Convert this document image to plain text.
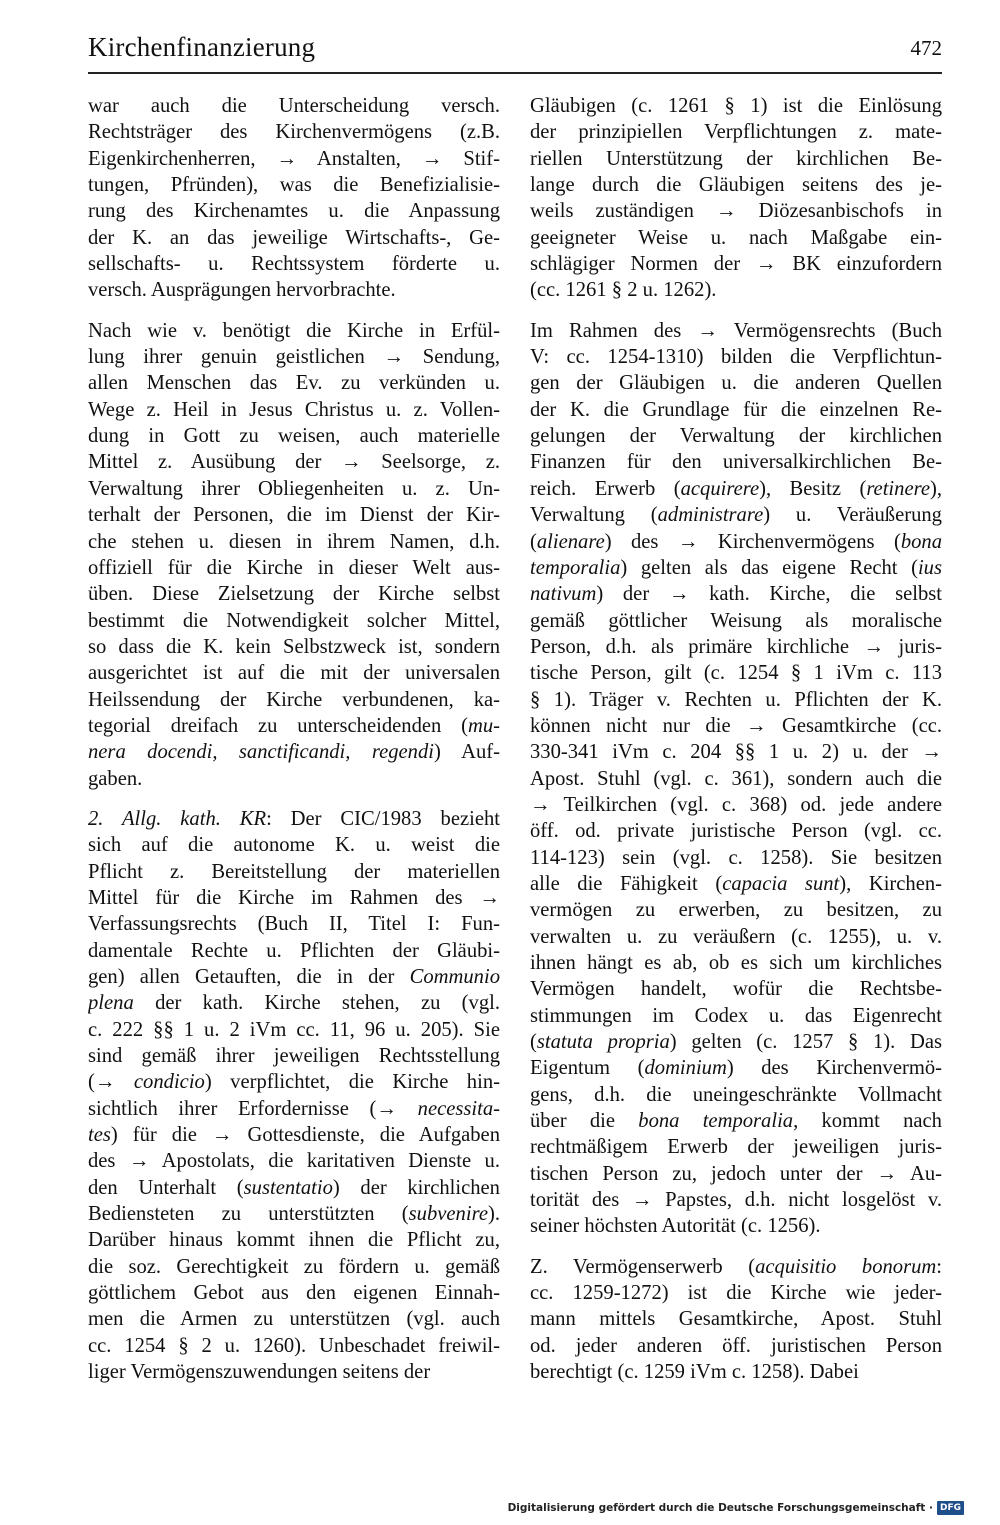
Kirchenfinanzierung	472
war auch die Unterscheidung versch.
Rechtsträger des Kirchenvermögens (z.B.
Eigenkirchenherren, → Anstalten, → Stif-
tungen, Pfründen), was die Benefizialisie-
rung des Kirchenamtes u. die Anpassung
der K. an das jeweilige Wirtschafts-, Ge-
sellschafts- u. Rechtssystem förderte u.
versch. Ausprägungen hervorbrachte.
Nach wie v. benötigt die Kirche in Erfül-
lung ihrer genuin geistlichen → Sendung,
allen Menschen das Ev. zu verkünden u.
Wege z. Heil in Jesus Christus u. z. Vollen-
dung in Gott zu weisen, auch materielle
Mittel z. Ausübung der → Seelsorge, z.
Verwaltung ihrer Obliegenheiten u. z. Un-
terhalt der Personen, die im Dienst der Kir-
che stehen u. diesen in ihrem Namen, d.h.
offiziell für die Kirche in dieser Welt aus-
üben. Diese Zielsetzung der Kirche selbst
bestimmt die Notwendigkeit solcher Mittel,
so dass die K. kein Selbstzweck ist, sondern
ausgerichtet ist auf die mit der universalen
Heilssendung der Kirche verbundenen, ka-
tegorial dreifach zu unterscheidenden (mu-
nera docendi, sanctificandi, regendi) Auf-
gaben.
2. Allg. kath. KR: Der CIC/1983 bezieht
sich auf die autonome K. u. weist die
Pflicht z. Bereitstellung der materiellen
Mittel für die Kirche im Rahmen des →
Verfassungsrechts (Buch II, Titel I: Fun-
damentale Rechte u. Pflichten der Gläubi-
gen) allen Getauften, die in der Communio
plena der kath. Kirche stehen, zu (vgl.
c. 222 §§ 1 u. 2 iVm cc. 11, 96 u. 205). Sie
sind gemäß ihrer jeweiligen Rechtsstellung
(→ condicio) verpflichtet, die Kirche hin-
sichtlich ihrer Erfordernisse (→ necessita-
tes) für die → Gottesdienste, die Aufgaben
des → Apostolats, die karitativen Dienste u.
den Unterhalt (sustentatio) der kirchlichen
Bediensteten zu unterstützten (subvenire).
Darüber hinaus kommt ihnen die Pflicht zu,
die soz. Gerechtigkeit zu fördern u. gemäß
göttlichem Gebot aus den eigenen Einnah-
men die Armen zu unterstützen (vgl. auch
cc. 1254 § 2 u. 1260). Unbeschadet freiwil-
liger Vermögenszuwendungen seitens der
Gläubigen (c. 1261 § 1) ist die Einlösung
der prinzipiellen Verpflichtungen z. mate-
riellen Unterstützung der kirchlichen Be-
lange durch die Gläubigen seitens des je-
weils zuständigen → Diözesanbischofs in
geeigneter Weise u. nach Maßgabe ein-
schlägiger Normen der → BK einzufordern
(cc. 1261 § 2 u. 1262).
Im Rahmen des → Vermögensrechts (Buch
V: cc. 1254-1310) bilden die Verpflichtun-
gen der Gläubigen u. die anderen Quellen
der K. die Grundlage für die einzelnen Re-
gelungen der Verwaltung der kirchlichen
Finanzen für den universalkirchlichen Be-
reich. Erwerb (acquirere), Besitz (retinere),
Verwaltung (administrare) u. Veräußerung
(alienare) des → Kirchenvermögens (bona
temporalia) gelten als das eigene Recht (ius
nativum) der → kath. Kirche, die selbst
gemäß göttlicher Weisung als moralische
Person, d.h. als primäre kirchliche → juris-
tische Person, gilt (c. 1254 § 1 iVm c. 113
§ 1). Träger v. Rechten u. Pflichten der K.
können nicht nur die → Gesamtkirche (cc.
330-341 iVm c. 204 §§ 1 u. 2) u. der →
Apost. Stuhl (vgl. c. 361), sondern auch die
→ Teilkirchen (vgl. c. 368) od. jede andere
öff. od. private juristische Person (vgl. cc.
114-123) sein (vgl. c. 1258). Sie besitzen
alle die Fähigkeit (capacia sunt), Kirchen-
vermögen zu erwerben, zu besitzen, zu
verwalten u. zu veräußern (c. 1255), u. v.
ihnen hängt es ab, ob es sich um kirchliches
Vermögen handelt, wofür die Rechtsbe-
stimmungen im Codex u. das Eigenrecht
(statuta propria) gelten (c. 1257 § 1). Das
Eigentum (dominium) des Kirchenvermö-
gens, d.h. die uneingeschränkte Vollmacht
über die bona temporalia, kommt nach
rechtmäßigem Erwerb der jeweiligen juris-
tischen Person zu, jedoch unter der → Au-
torität des → Papstes, d.h. nicht losgelöst v.
seiner höchsten Autorität (c. 1256).
Z. Vermögenserwerb (acquisitio bonorum:
cc. 1259-1272) ist die Kirche wie jeder-
mann mittels Gesamtkirche, Apost. Stuhl
od. jeder anderen öff. juristischen Person
berechtigt (c. 1259 iVm c. 1258). Dabei
Digitalisierung gefördert durch die Deutsche Forschungsgemeinschaft · DFG
